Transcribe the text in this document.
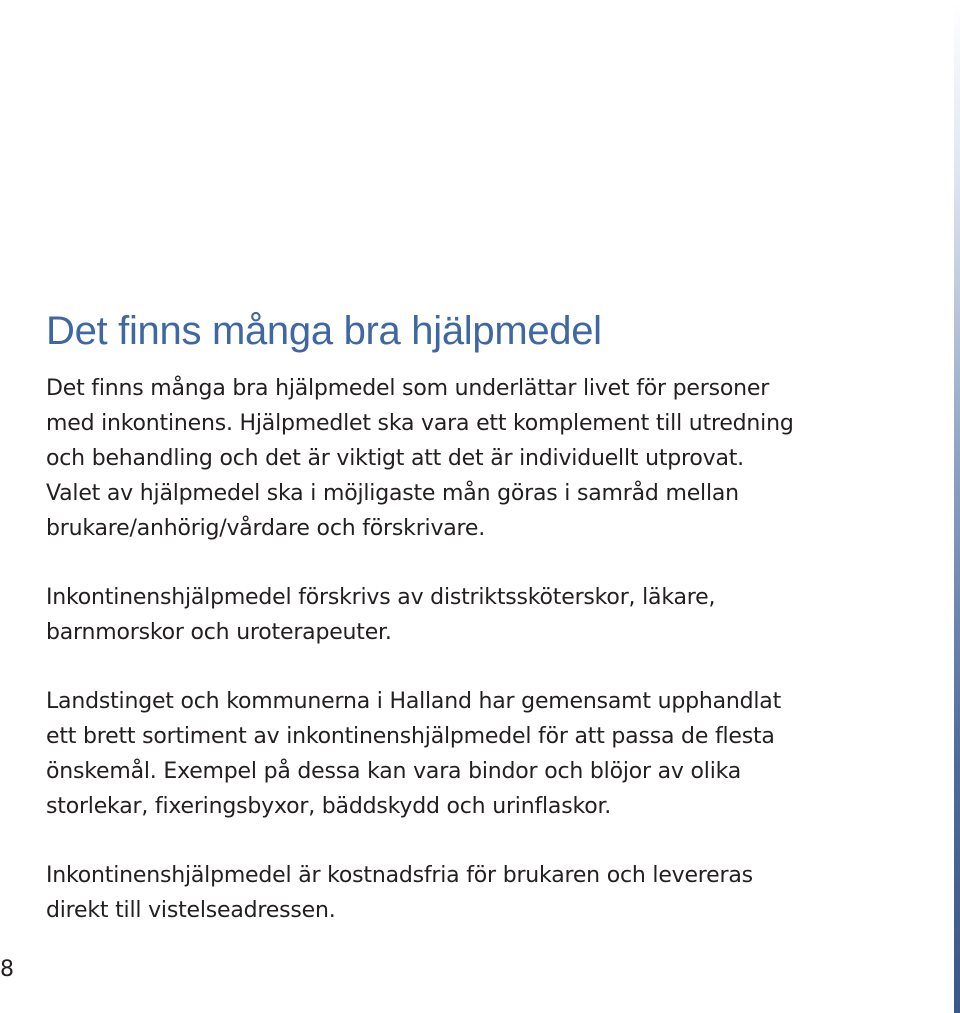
Det finns många bra hjälpmedel

Det finns många bra hjälpmedel som underlättar livet för personer
med inkontinens. Hjälpmedlet ska vara ett komplement till utredning
och behandling och det är viktigt att det är individuellt utprovat.
Valet av hjälpmedel ska i möjligaste mån göras i samråd mellan
brukare/anhörig/vårdare och förskrivare.

Inkontinenshjälpmedel förskrivs av distriktssköterskor, läkare,
barnmorskor och uroterapeuter.

Landstinget och kommunerna i Halland har gemensamt upphandlat
ett brett sortiment av inkontinenshjälpmedel för att passa de flesta
önskemål. Exempel på dessa kan vara bindor och blöjor av olika
storlekar, fixeringsbyxor, bäddskydd och urinflaskor.

Inkontinenshjälpmedel är kostnadsfria för brukaren och levereras
direkt till vistelseadressen.

8
